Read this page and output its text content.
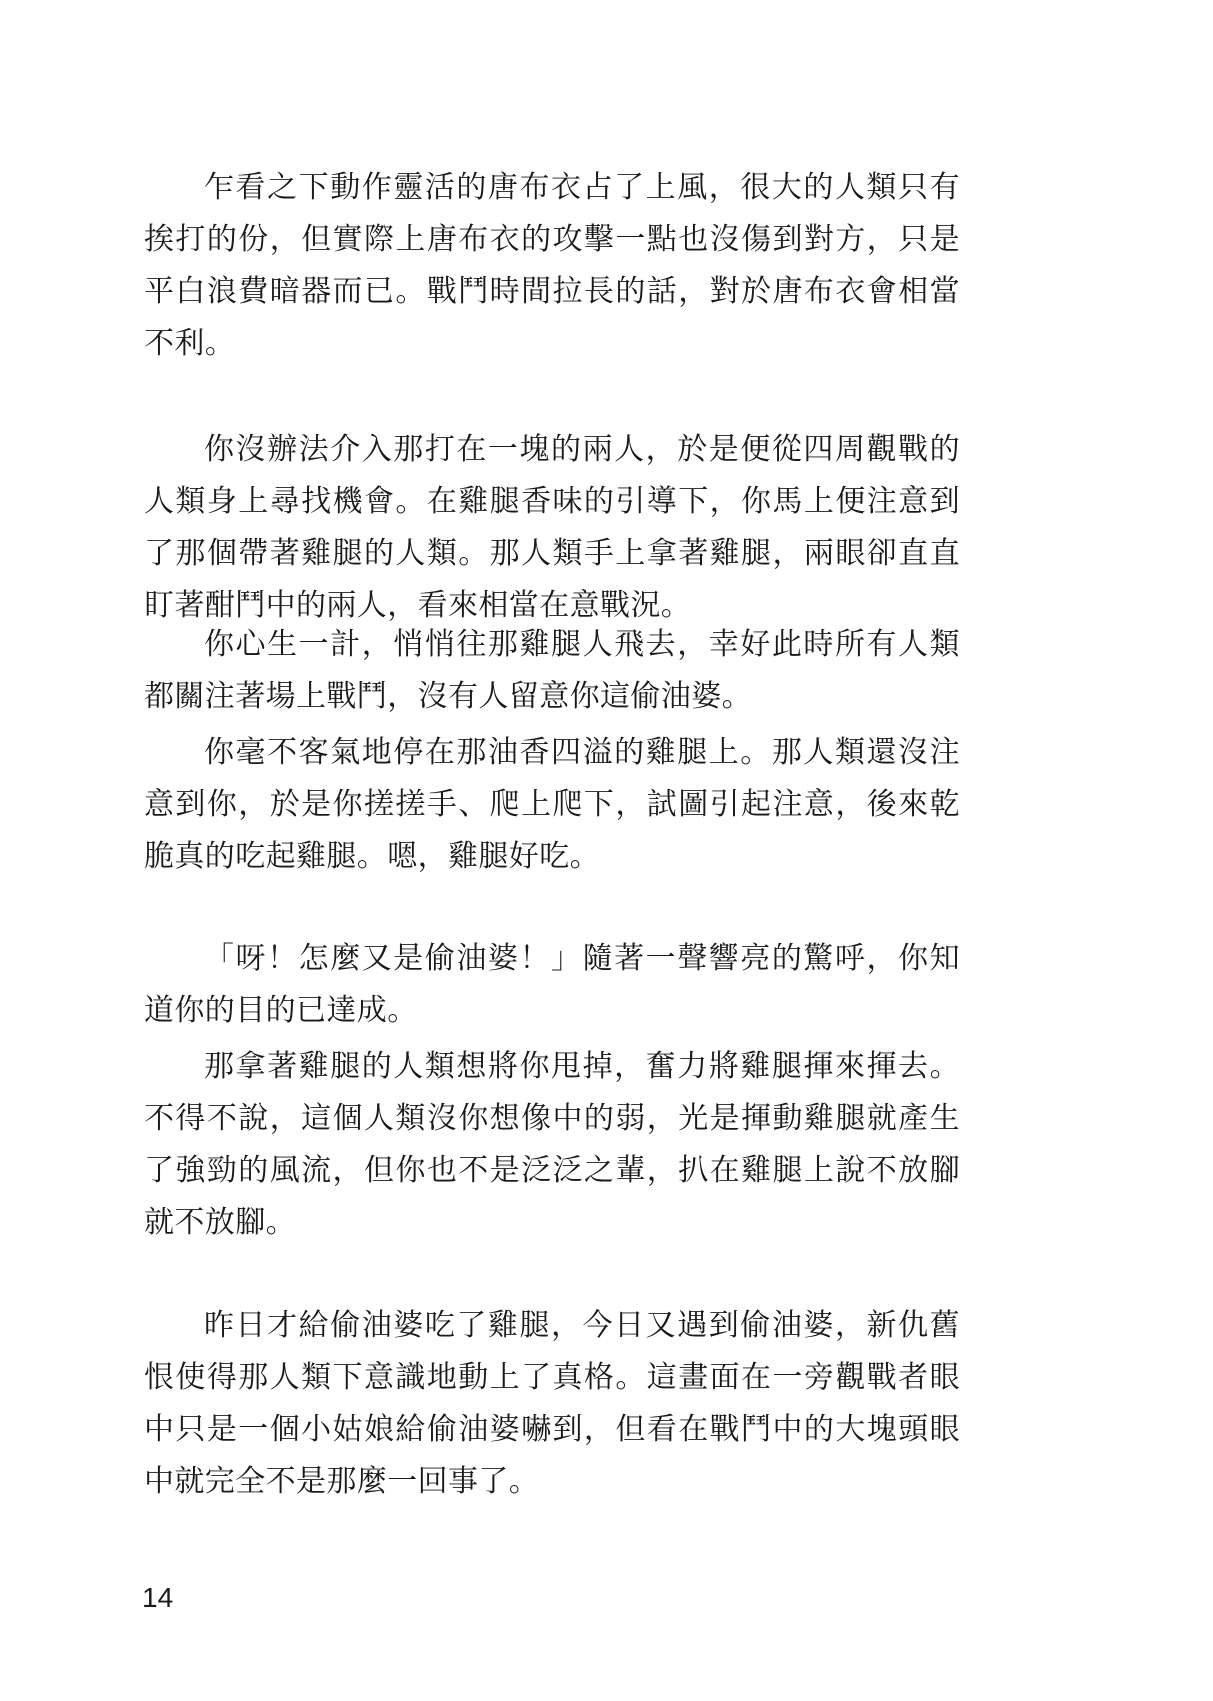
乍看之下動作靈活的唐布衣占了上風，很大的人類只有挨打的份，但實際上唐布衣的攻擊一點也沒傷到對方，只是平白浪費暗器而已。戰鬥時間拉長的話，對於唐布衣會相當不利。

你沒辦法介入那打在一塊的兩人，於是便從四周觀戰的人類身上尋找機會。在雞腿香味的引導下，你馬上便注意到了那個帶著雞腿的人類。那人類手上拿著雞腿，兩眼卻直直盯著酣鬥中的兩人，看來相當在意戰況。

你心生一計，悄悄往那雞腿人飛去，幸好此時所有人類都關注著場上戰鬥，沒有人留意你這偷油婆。

你毫不客氣地停在那油香四溢的雞腿上。那人類還沒注意到你，於是你搓搓手、爬上爬下，試圖引起注意，後來乾脆真的吃起雞腿。嗯，雞腿好吃。

「呀！怎麼又是偷油婆！」隨著一聲響亮的驚呼，你知道你的目的已達成。

那拿著雞腿的人類想將你甩掉，奮力將雞腿揮來揮去。不得不說，這個人類沒你想像中的弱，光是揮動雞腿就產生了強勁的風流，但你也不是泛泛之輩，扒在雞腿上說不放腳就不放腳。

昨日才給偷油婆吃了雞腿，今日又遇到偷油婆，新仇舊恨使得那人類下意識地動上了真格。這畫面在一旁觀戰者眼中只是一個小姑娘給偷油婆嚇到，但看在戰鬥中的大塊頭眼中就完全不是那麼一回事了。

14
